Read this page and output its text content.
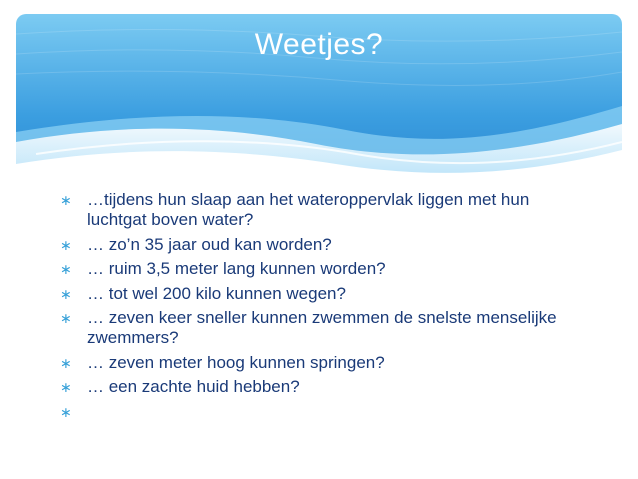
Weetjes?
∗ …tijdens hun slaap aan het wateroppervlak liggen met hun luchtgat boven water?
∗ … zo’n 35 jaar oud kan worden?
∗ … ruim 3,5 meter lang kunnen worden?
∗ … tot wel 200 kilo kunnen wegen?
∗ … zeven keer sneller kunnen zwemmen de snelste menselijke zwemmers?
∗ … zeven meter hoog kunnen springen?
∗ … een zachte huid hebben?
∗
